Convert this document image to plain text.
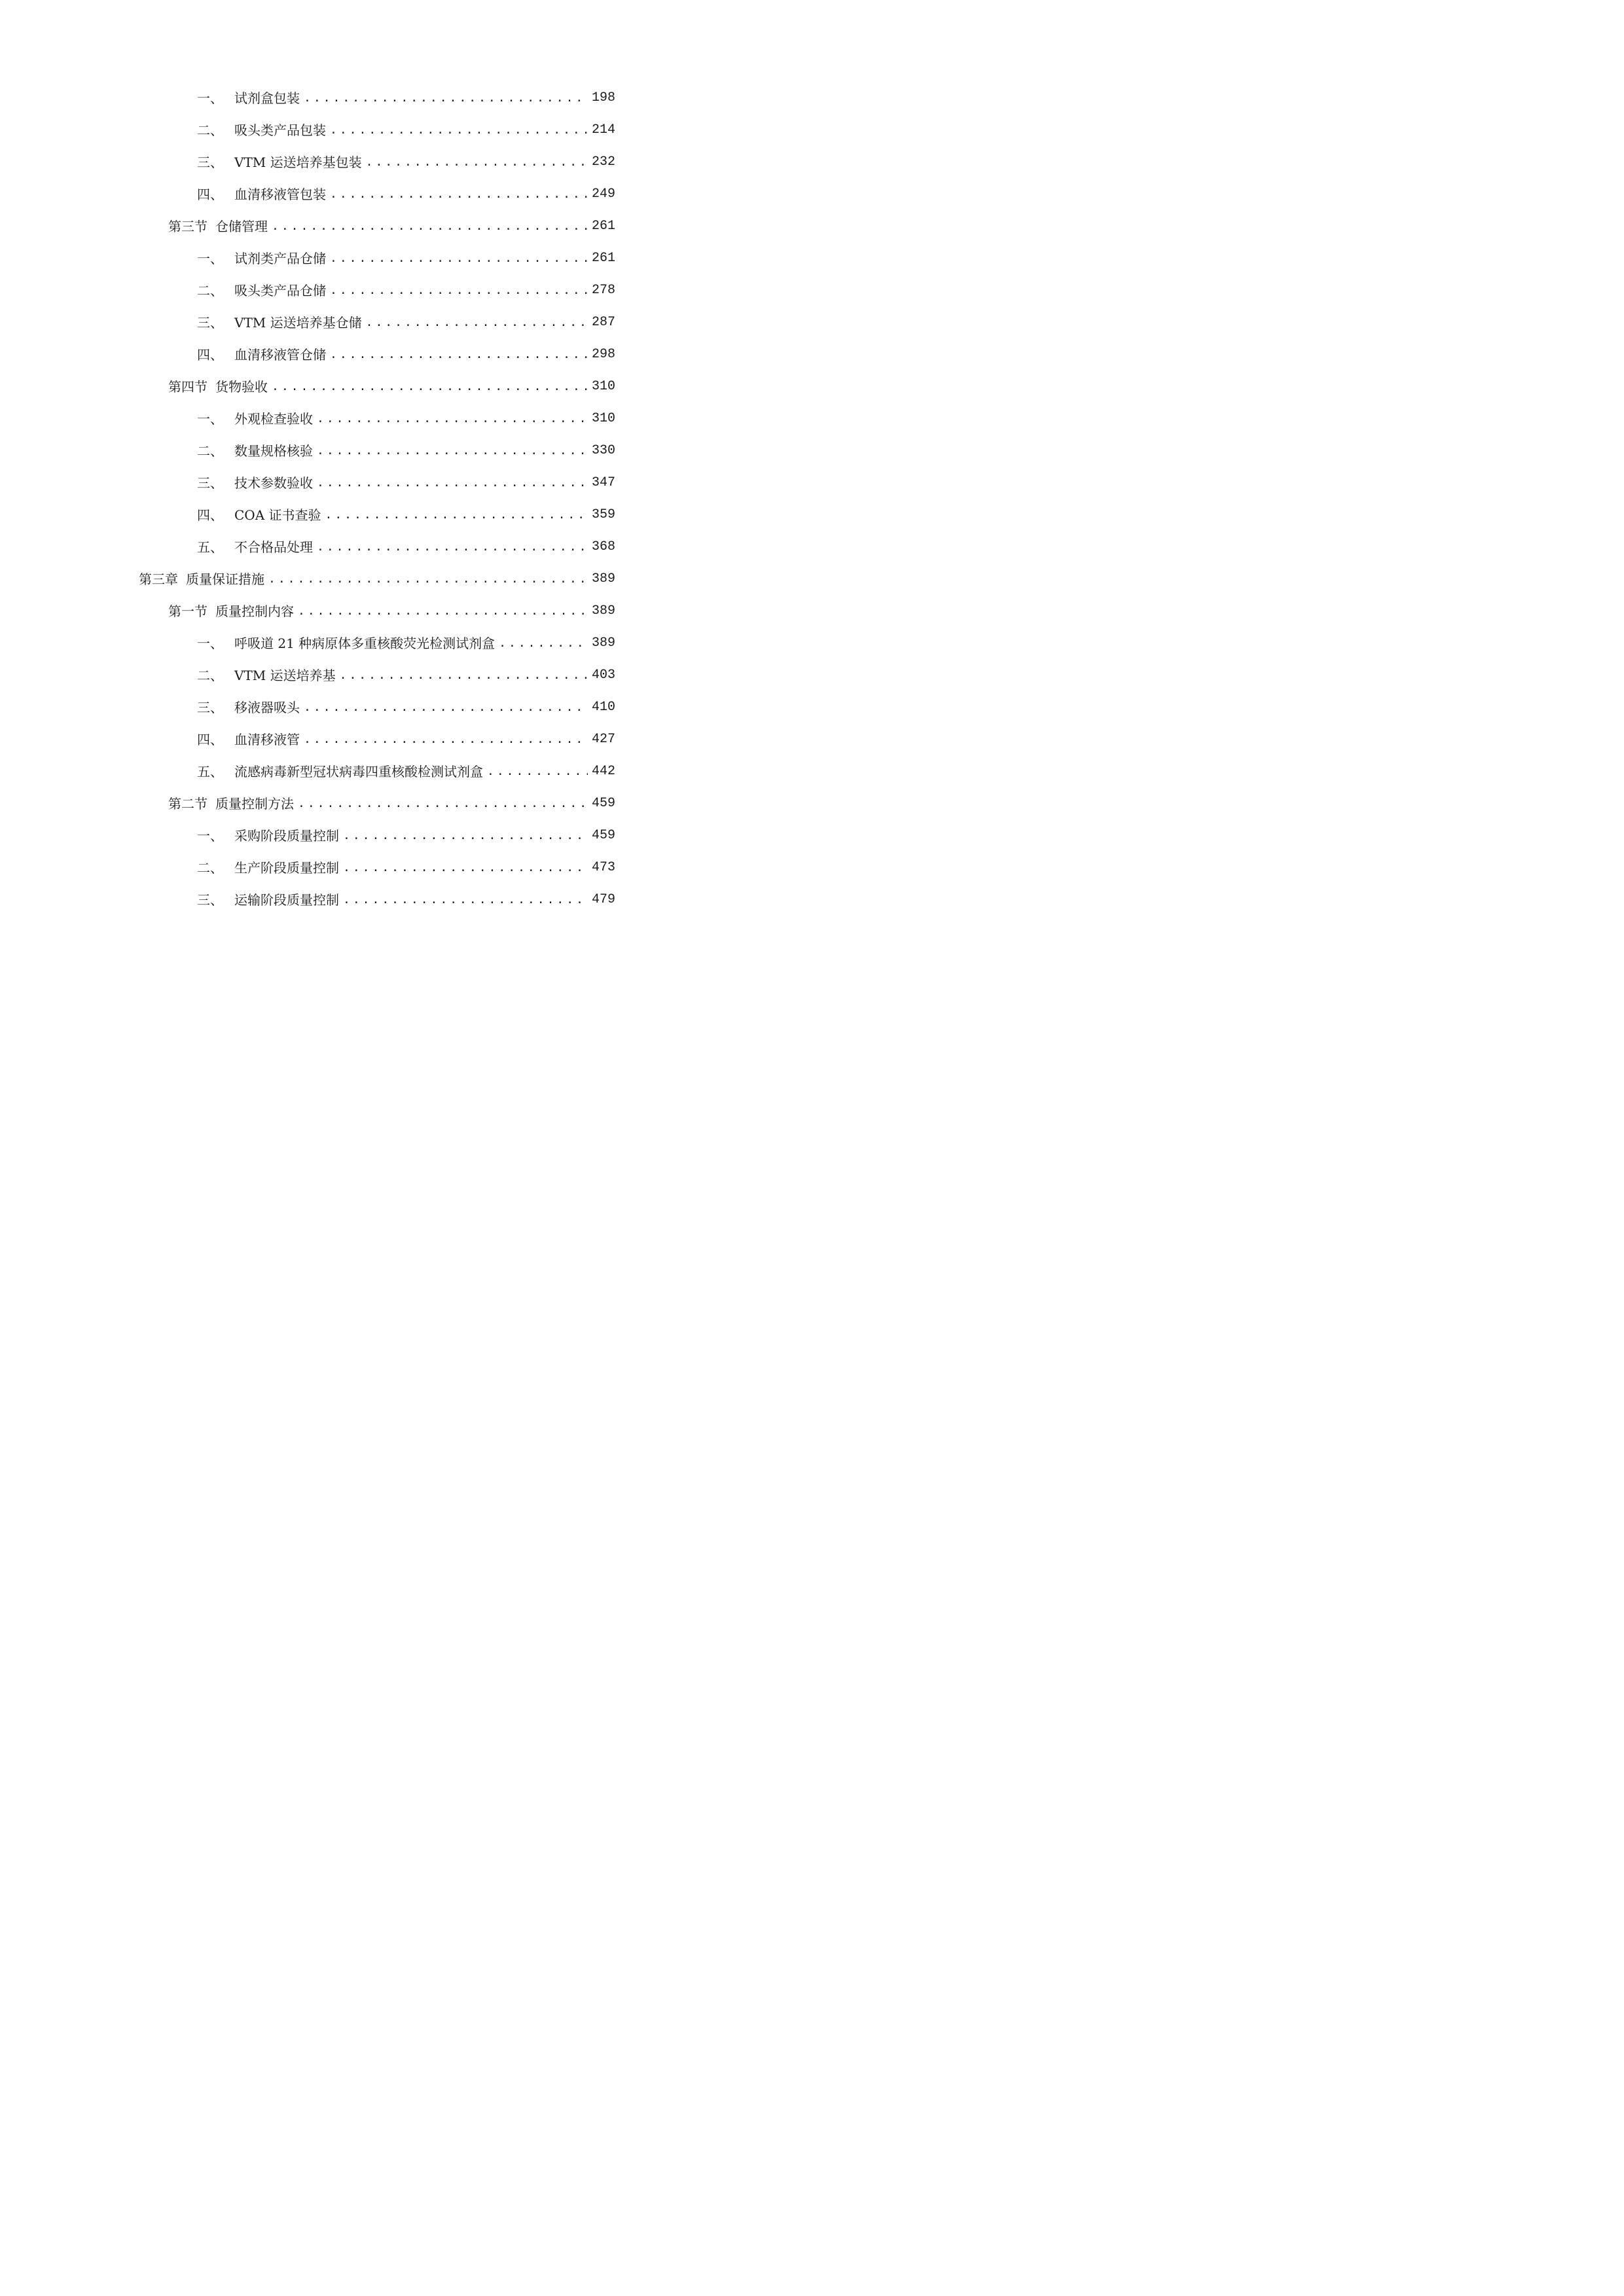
一、 试剂盒包装 .....	198
二、 吸头类产品包装 .....	214
三、 VTM 运送培养基包装 .....	232
四、 血清移液管包装 .....	249
第三节 仓储管理 .....	261
一、 试剂类产品仓储 .....	261
二、 吸头类产品仓储 .....	278
三、 VTM 运送培养基仓储 .....	287
四、 血清移液管仓储 .....	298
第四节 货物验收 .....	310
一、 外观检查验收 .....	310
二、 数量规格核验 .....	330
三、 技术参数验收 .....	347
四、 COA 证书查验 .....	359
五、 不合格品处理 .....	368
第三章 质量保证措施 .....	389
第一节 质量控制内容 .....	389
一、 呼吸道 21 种病原体多重核酸荧光检测试剂盒 .....	389
二、 VTM 运送培养基 .....	403
三、 移液器吸头 .....	410
四、 血清移液管 .....	427
五、 流感病毒新型冠状病毒四重核酸检测试剂盒 .....	442
第二节 质量控制方法 .....	459
一、 采购阶段质量控制 .....	459
二、 生产阶段质量控制 .....	473
三、 运输阶段质量控制 .....	479
